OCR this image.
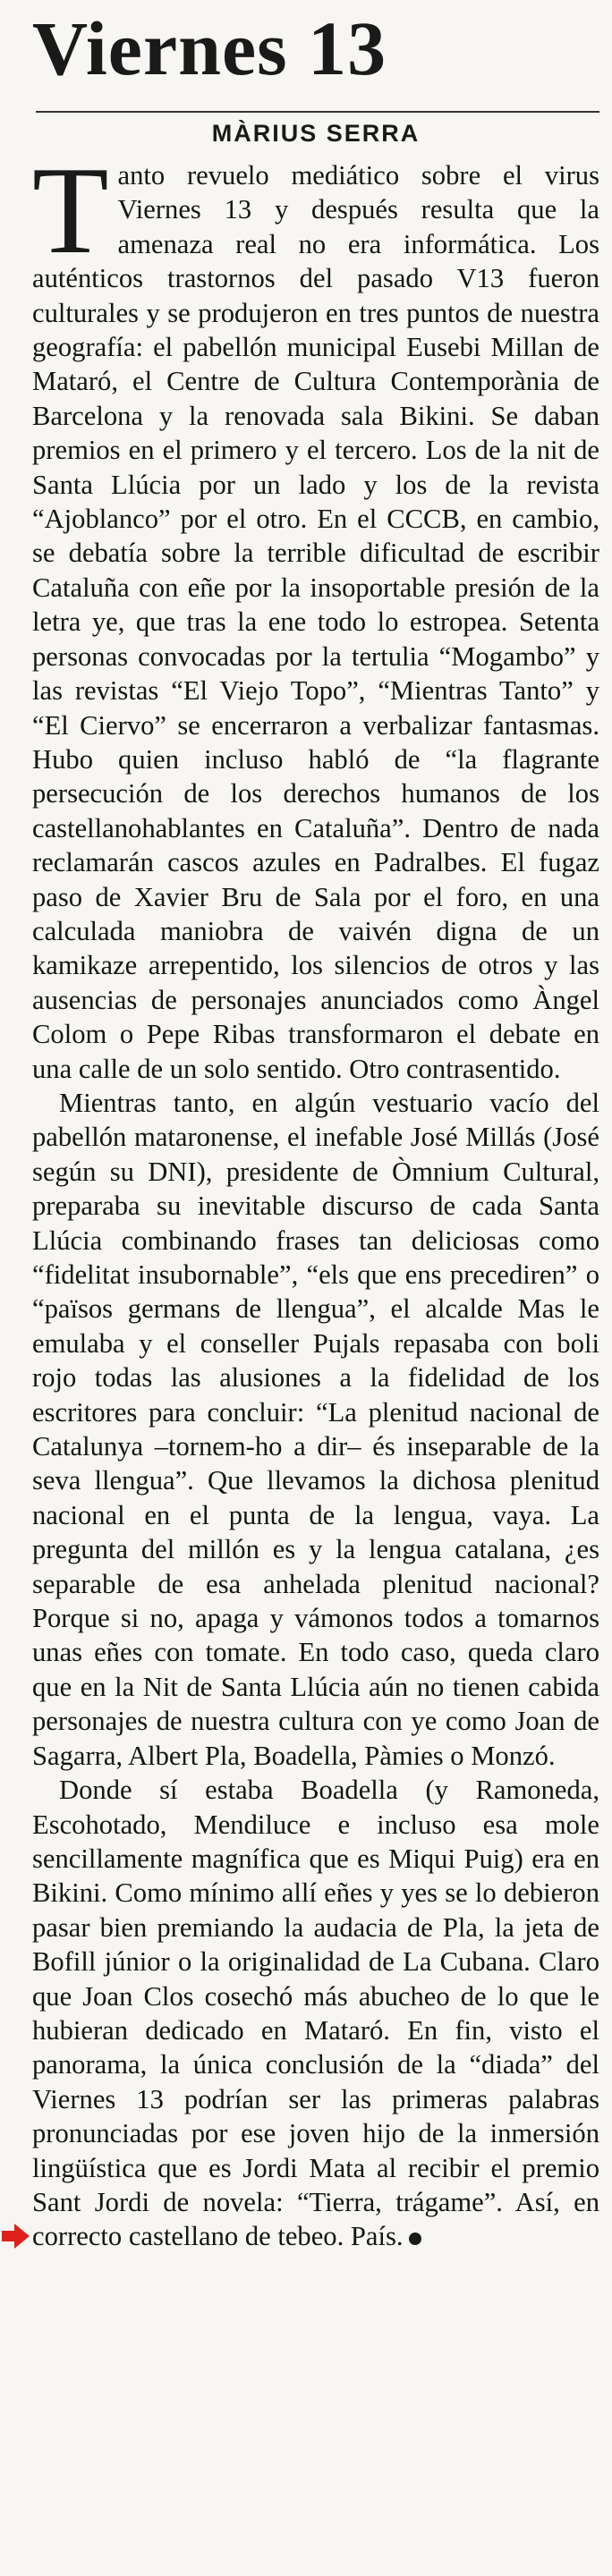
Viernes 13
MÀRIUS SERRA

T anto revuelo mediático sobre el virus Viernes 13 y después resulta que la amenaza real no era informática. Los auténticos trastornos del pasado V13 fueron culturales y se produjeron en tres puntos de nuestra geografía: el pabellón municipal Eusebi Millan de Mataró, el Centre de Cultura Contemporània de Barcelona y la renovada sala Bikini. Se daban premios en el primero y el tercero. Los de la nit de Santa Llúcia por un lado y los de la revista “Ajoblanco” por el otro. En el CCCB, en cambio, se debatía sobre la terrible dificultad de escribir Cataluña con eñe por la insoportable presión de la letra ye, que tras la ene todo lo estropea. Setenta personas convocadas por la tertulia “Mogambo” y las revistas “El Viejo Topo”, “Mientras Tanto” y “El Ciervo” se encerraron a verbalizar fantasmas. Hubo quien incluso habló de “la flagrante persecución de los derechos humanos de los castellanohablantes en Cataluña”. Dentro de nada reclamarán cascos azules en Padralbes. El fugaz paso de Xavier Bru de Sala por el foro, en una calculada maniobra de vaivén digna de un kamikaze arrepentido, los silencios de otros y las ausencias de personajes anunciados como Àngel Colom o Pepe Ribas transformaron el debate en una calle de un solo sentido. Otro contrasentido.

Mientras tanto, en algún vestuario vacío del pabellón mataronense, el inefable José Millás (José según su DNI), presidente de Òmnium Cultural, preparaba su inevitable discurso de cada Santa Llúcia combinando frases tan deliciosas como “fidelitat insubornable”, “els que ens precediren” o “països germans de llengua”, el alcalde Mas le emulaba y el conseller Pujals repasaba con boli rojo todas las alusiones a la fidelidad de los escritores para concluir: “La plenitud nacional de Catalunya –tornem-ho a dir– és inseparable de la seva llengua”. Que llevamos la dichosa plenitud nacional en el punta de la lengua, vaya. La pregunta del millón es y la lengua catalana, ¿es separable de esa anhelada plenitud nacional? Porque si no, apaga y vámonos todos a tomarnos unas eñes con tomate. En todo caso, queda claro que en la Nit de Santa Llúcia aún no tienen cabida personajes de nuestra cultura con ye como Joan de Sagarra, Albert Pla, Boadella, Pàmies o Monzó.

Donde sí estaba Boadella (y Ramoneda, Escohotado, Mendiluce e incluso esa mole sencillamente magnífica que es Miqui Puig) era en Bikini. Como mínimo allí eñes y yes se lo debieron pasar bien premiando la audacia de Pla, la jeta de Bofill júnior o la originalidad de La Cubana. Claro que Joan Clos cosechó más abucheo de lo que le hubieran dedicado en Mataró. En fin, visto el panorama, la única conclusión de la “diada” del Viernes 13 podrían ser las primeras palabras pronunciadas por ese joven hijo de la inmersión lingüística que es Jordi Mata al recibir el premio Sant Jordi de novela: “Tierra, trágame”. Así, en correcto castellano de tebeo. País.
